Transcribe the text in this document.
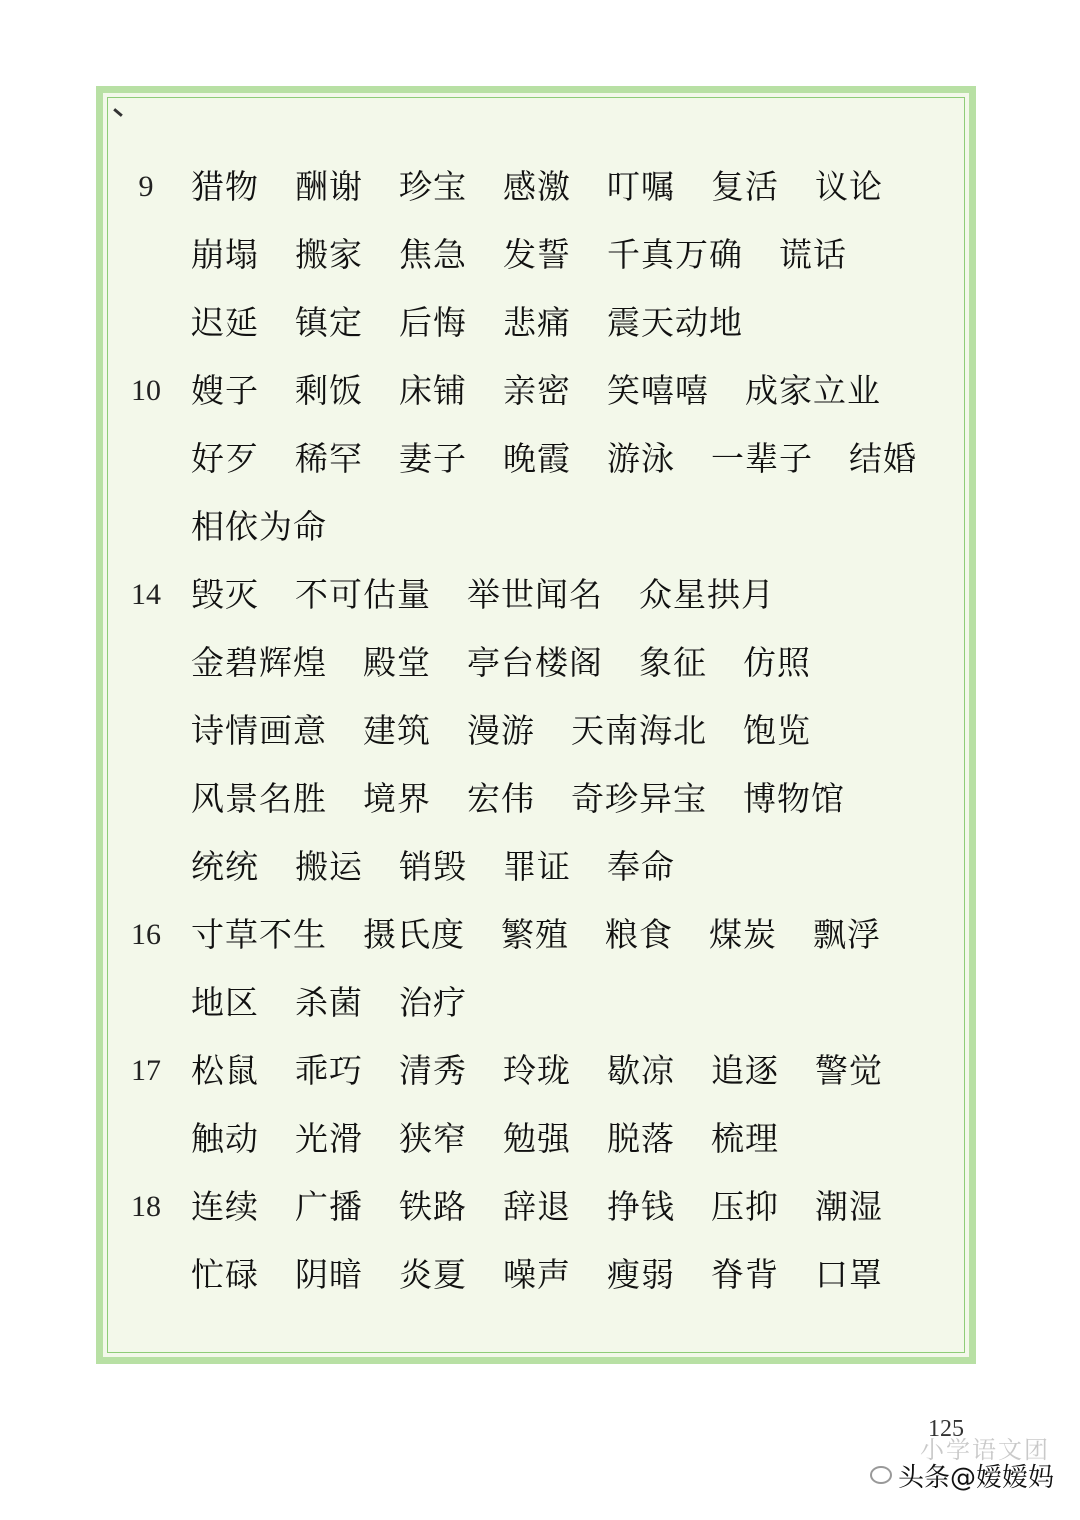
9	猎物 酬谢 珍宝 感激 叮嘱 复活 议论
崩塌 搬家 焦急 发誓 千真万确 谎话
迟延 镇定 后悔 悲痛 震天动地
10 嫂子 剩饭 床铺 亲密 笑嘻嘻 成家立业
好歹 稀罕 妻子 晚霞 游泳 一辈子 结婚
相依为命
14 毁灭 不可估量 举世闻名 众星拱月
金碧辉煌 殿堂 亭台楼阁 象征 仿照
诗情画意 建筑 漫游 天南海北 饱览
风景名胜 境界 宏伟 奇珍异宝 博物馆
统统 搬运 销毁 罪证 奉命
16 寸草不生 摄氏度 繁殖 粮食 煤炭 飘浮
地区 杀菌 治疗
17 松鼠 乖巧 清秀 玲珑 歇凉 追逐 警觉
触动 光滑 狭窄 勉强 脱落 梳理
18 连续 广播 铁路 辞退 挣钱 压抑 潮湿
忙碌 阴暗 炎夏 噪声 瘦弱 脊背 口罩
小学语文团
125
头条@嫒嫒妈
